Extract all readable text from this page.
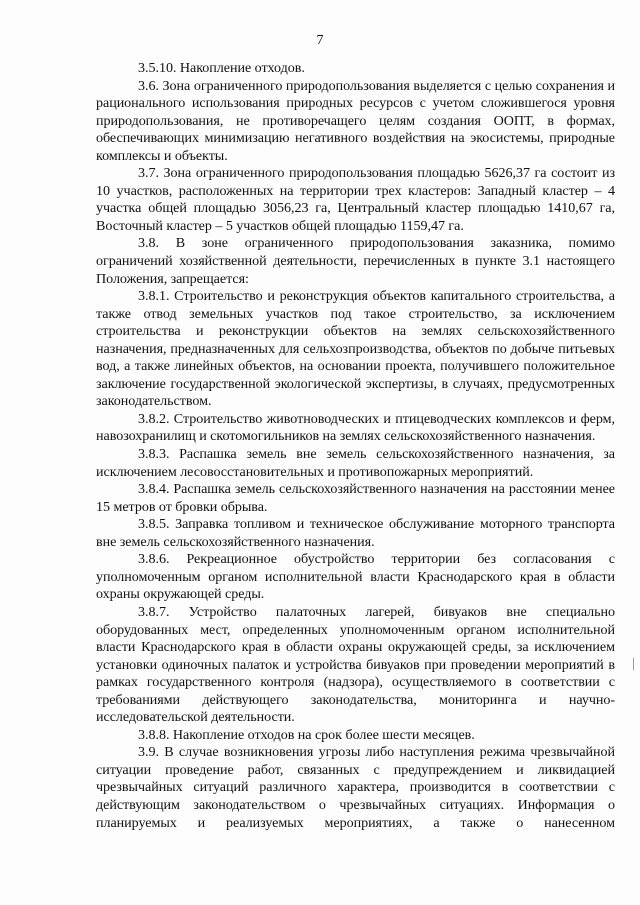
7

3.5.10. Накопление отходов.

3.6. Зона ограниченного природопользования выделяется с целью сохранения и рационального использования природных ресурсов с учетом сложившегося уровня природопользования, не противоречащего целям создания ООПТ, в формах, обеспечивающих минимизацию негативного воздействия на экосистемы, природные комплексы и объекты.

3.7. Зона ограниченного природопользования площадью 5626,37 га состоит из 10 участков, расположенных на территории трех кластеров: Западный кластер – 4 участка общей площадью 3056,23 га, Центральный кластер площадью 1410,67 га, Восточный кластер – 5 участков общей площадью 1159,47 га.

3.8. В зоне ограниченного природопользования заказника, помимо ограничений хозяйственной деятельности, перечисленных в пункте 3.1 настоящего Положения, запрещается:

3.8.1. Строительство и реконструкция объектов капитального строительства, а также отвод земельных участков под такое строительство, за исключением строительства и реконструкции объектов на землях сельскохозяйственного назначения, предназначенных для сельхозпроизводства, объектов по добыче питьевых вод, а также линейных объектов, на основании проекта, получившего положительное заключение государственной экологической экспертизы, в случаях, предусмотренных законодательством.

3.8.2. Строительство животноводческих и птицеводческих комплексов и ферм, навозохранилищ и скотомогильников на землях сельскохозяйственного назначения.

3.8.3. Распашка земель вне земель сельскохозяйственного назначения, за исключением лесовосстановительных и противопожарных мероприятий.

3.8.4. Распашка земель сельскохозяйственного назначения на расстоянии менее 15 метров от бровки обрыва.

3.8.5. Заправка топливом и техническое обслуживание моторного транспорта вне земель сельскохозяйственного назначения.

3.8.6. Рекреационное обустройство территории без согласования с уполномоченным органом исполнительной власти Краснодарского края в области охраны окружающей среды.

3.8.7. Устройство палаточных лагерей, бивуаков вне специально оборудованных мест, определенных уполномоченным органом исполнительной власти Краснодарского края в области охраны окружающей среды, за исключением установки одиночных палаток и устройства бивуаков при проведении мероприятий в рамках государственного контроля (надзора), осуществляемого в соответствии с требованиями действующего законодательства, мониторинга и научно-исследовательской деятельности.

3.8.8. Накопление отходов на срок более шести месяцев.

3.9. В случае возникновения угрозы либо наступления режима чрезвычайной ситуации проведение работ, связанных с предупреждением и ликвидацией чрезвычайных ситуаций различного характера, производится в соответствии с действующим законодательством о чрезвычайных ситуациях. Информация о планируемых и реализуемых мероприятиях, а также о нанесенном
